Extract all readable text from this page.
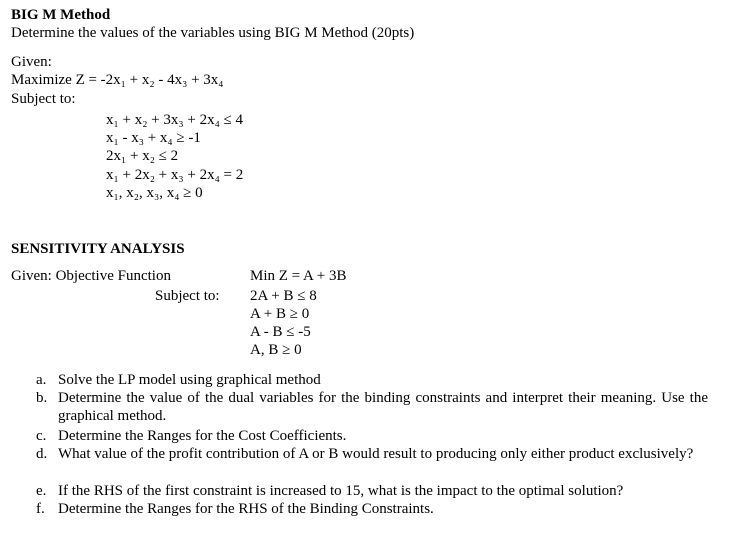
BIG M Method
Determine the values of the variables using BIG M Method (20pts)
Given:
Maximize Z = -2x₁ + x₂ - 4x₃ + 3x₄
Subject to:
x₁ + x₂ + 3x₃ + 2x₄ ≤ 4
x₁ - x₃ + x₄ ≥ -1
2x₁ + x₂ ≤ 2
x₁ + 2x₂ + x₃ + 2x₄ = 2
x₁, x₂, x₃, x₄ ≥ 0
SENSITIVITY ANALYSIS
Given: Objective Function	Min Z = A + 3B
Subject to: 2A + B ≤ 8
A + B ≥ 0
A - B ≤ -5
A, B ≥ 0
a. Solve the LP model using graphical method
b. Determine the value of the dual variables for the binding constraints and interpret their meaning. Use the graphical method.
c. Determine the Ranges for the Cost Coefficients.
d. What value of the profit contribution of A or B would result to producing only either product exclusively?
e. If the RHS of the first constraint is increased to 15, what is the impact to the optimal solution?
f. Determine the Ranges for the RHS of the Binding Constraints.
